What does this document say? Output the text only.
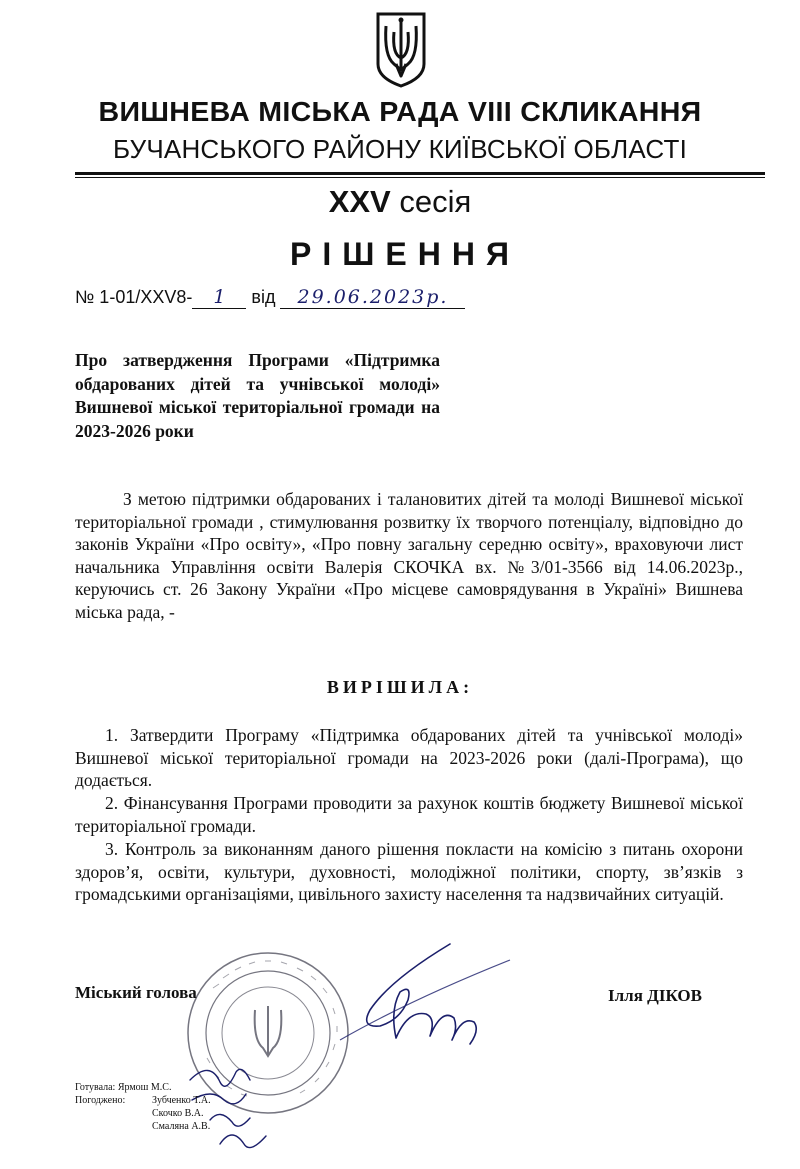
ВИШНЕВА МІСЬКА РАДА VIII СКЛИКАННЯ
БУЧАНСЬКОГО РАЙОНУ КИЇВСЬКОЇ ОБЛАСТІ
XXV сесія
РІШЕННЯ
№ 1-01/XXV8- 1 від 29.06.2023р.
Про затвердження Програми «Підтримка обдарованих дітей та учнівської молоді» Вишневої міської територіальної громади на 2023-2026 роки
З метою підтримки обдарованих і талановитих дітей та молоді Вишневої міської територіальної громади , стимулювання розвитку їх творчого потенціалу, відповідно до законів України «Про освіту», «Про повну загальну середню освіту», враховуючи лист начальника Управління освіти Валерія СКОЧКА вх. №3/01-3566 від 14.06.2023р., керуючись ст. 26 Закону України «Про місцеве самоврядування в Україні» Вишнева міська рада, -
ВИРІШИЛА:
1. Затвердити Програму «Підтримка обдарованих дітей та учнівської молоді» Вишневої міської територіальної громади на 2023-2026 роки (далі-Програма), що додається.
2. Фінансування Програми проводити за рахунок коштів бюджету Вишневої міської територіальної громади.
3. Контроль за виконанням даного рішення покласти на комісію з питань охорони здоров’я, освіти, культури, духовності, молодіжної політики, спорту, зв’язків з громадськими організаціями, цивільного захисту населення та надзвичайних ситуацій.
Міський голова	Ілля ДІКОВ
Готувала: Ярмош М.С.
Погоджено:	Зубченко Т.А.
Скочко В.А.
Смаляна А.В.
